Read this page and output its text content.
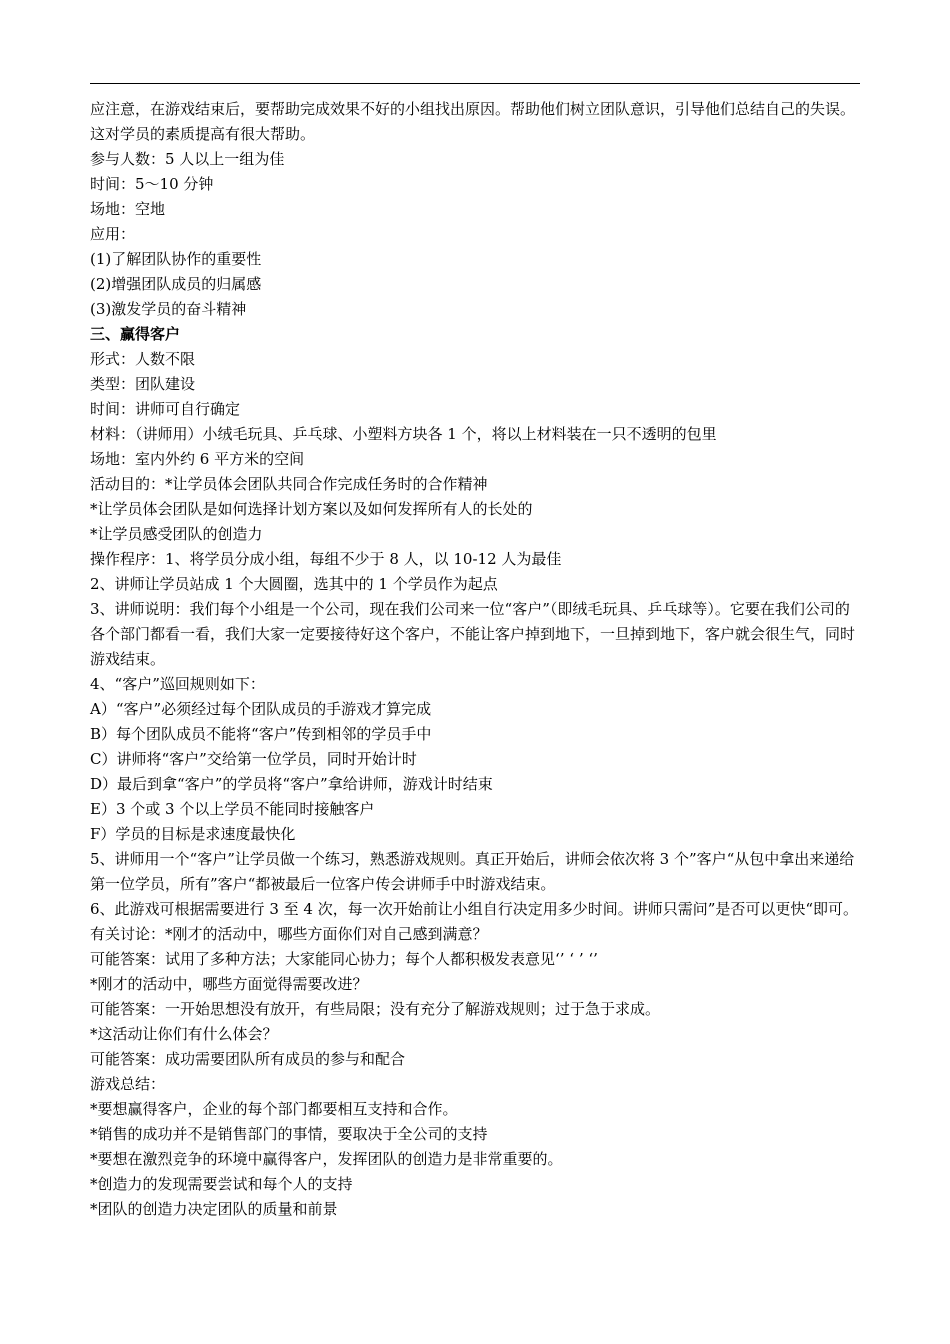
应注意，在游戏结束后，要帮助完成效果不好的小组找出原因。帮助他们树立团队意识，引导他们总结自己的失误。这对学员的素质提高有很大帮助。

参与人数：5 人以上一组为佳

时间：5～10 分钟

场地：空地

应用：

(1)了解团队协作的重要性

(2)增强团队成员的归属感

(3)激发学员的奋斗精神

三、赢得客户

形式：人数不限

类型：团队建设

时间：讲师可自行确定

材料：（讲师用）小绒毛玩具、乒乓球、小塑料方块各 1 个，将以上材料装在一只不透明的包里

场地：室内外约 6 平方米的空间

活动目的：*让学员体会团队共同合作完成任务时的合作精神

*让学员体会团队是如何选择计划方案以及如何发挥所有人的长处的

*让学员感受团队的创造力

操作程序：1、将学员分成小组，每组不少于 8 人，以 10-12 人为最佳

2、讲师让学员站成 1 个大圆圈，选其中的 1 个学员作为起点

3、讲师说明：我们每个小组是一个公司，现在我们公司来一位“客户”（即绒毛玩具、乒乓球等）。它要在我们公司的各个部门都看一看，我们大家一定要接待好这个客户，不能让客户掉到地下，一旦掉到地下，客户就会很生气，同时游戏结束。

4、“客户”巡回规则如下：

A）“客户”必须经过每个团队成员的手游戏才算完成

B）每个团队成员不能将“客户”传到相邻的学员手中

C）讲师将“客户”交给第一位学员，同时开始计时

D）最后到拿“客户”的学员将“客户”拿给讲师，游戏计时结束

E）3 个或 3 个以上学员不能同时接触客户

F）学员的目标是求速度最快化

5、讲师用一个“客户”让学员做一个练习，熟悉游戏规则。真正开始后，讲师会依次将 3 个”客户“从包中拿出来递给第一位学员，所有”客户“都被最后一位客户传会讲师手中时游戏结束。

6、此游戏可根据需要进行 3 至 4 次，每一次开始前让小组自行决定用多少时间。讲师只需问”是否可以更快“即可。

有关讨论：*刚才的活动中，哪些方面你们对自己感到满意？

可能答案：试用了多种方法；大家能同心协力；每个人都积极发表意见‘’ ‘ ’ ‘’

*刚才的活动中，哪些方面觉得需要改进？

可能答案：一开始思想没有放开，有些局限；没有充分了解游戏规则；过于急于求成。

*这活动让你们有什么体会？

可能答案：成功需要团队所有成员的参与和配合

游戏总结：

*要想赢得客户，企业的每个部门都要相互支持和合作。

*销售的成功并不是销售部门的事情，要取决于全公司的支持

*要想在激烈竞争的环境中赢得客户，发挥团队的创造力是非常重要的。

*创造力的发现需要尝试和每个人的支持

*团队的创造力决定团队的质量和前景
